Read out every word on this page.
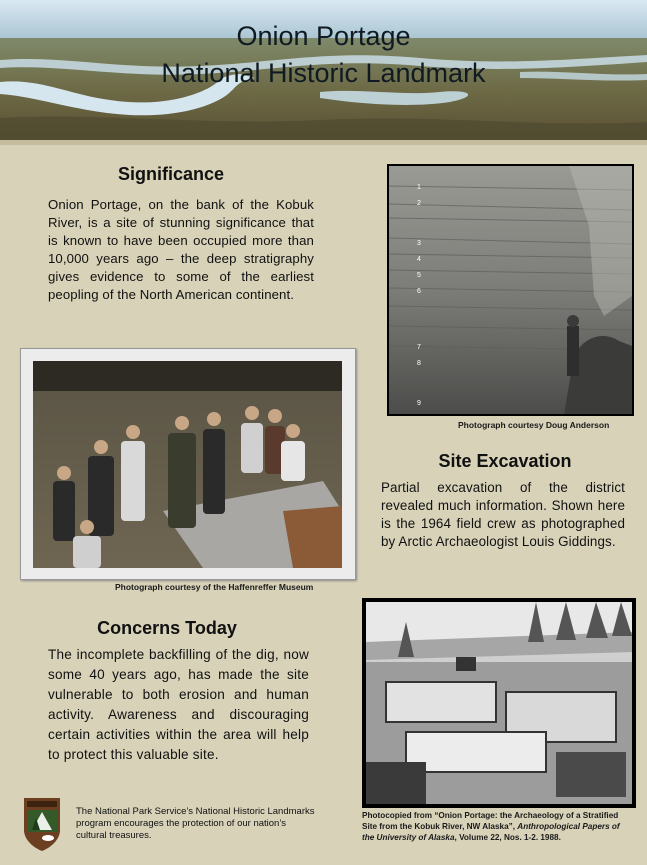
Onion Portage
National Historic Landmark
Significance
Onion Portage, on the bank of the Kobuk River, is a site of stunning significance that is known to have been occupied more than 10,000 years ago – the deep stratigraphy gives evidence to some of the earliest peopling of the North American continent.
1
2
3
4
5
6
7
8
9
Photograph courtesy Doug Anderson
Photograph courtesy of the Haffenreffer Museum
Site Excavation
Partial excavation of the district revealed much information. Shown here is the 1964 field crew as photographed by Arctic Archaeologist Louis Giddings.
Concerns Today
The incomplete backfilling of the dig, now some 40 years ago, has made the site vulnerable to both erosion and human activity. Awareness and discouraging certain activities within the area will help to protect this valuable site.
Photocopied from “Onion Portage: the Archaeology of a Stratified
Site from the Kobuk River, NW Alaska”, Anthropological Papers of
the University of Alaska, Volume 22, Nos. 1-2. 1988.
The National Park Service’s National Historic Landmarks program encourages the protection of our nation’s cultural treasures.
